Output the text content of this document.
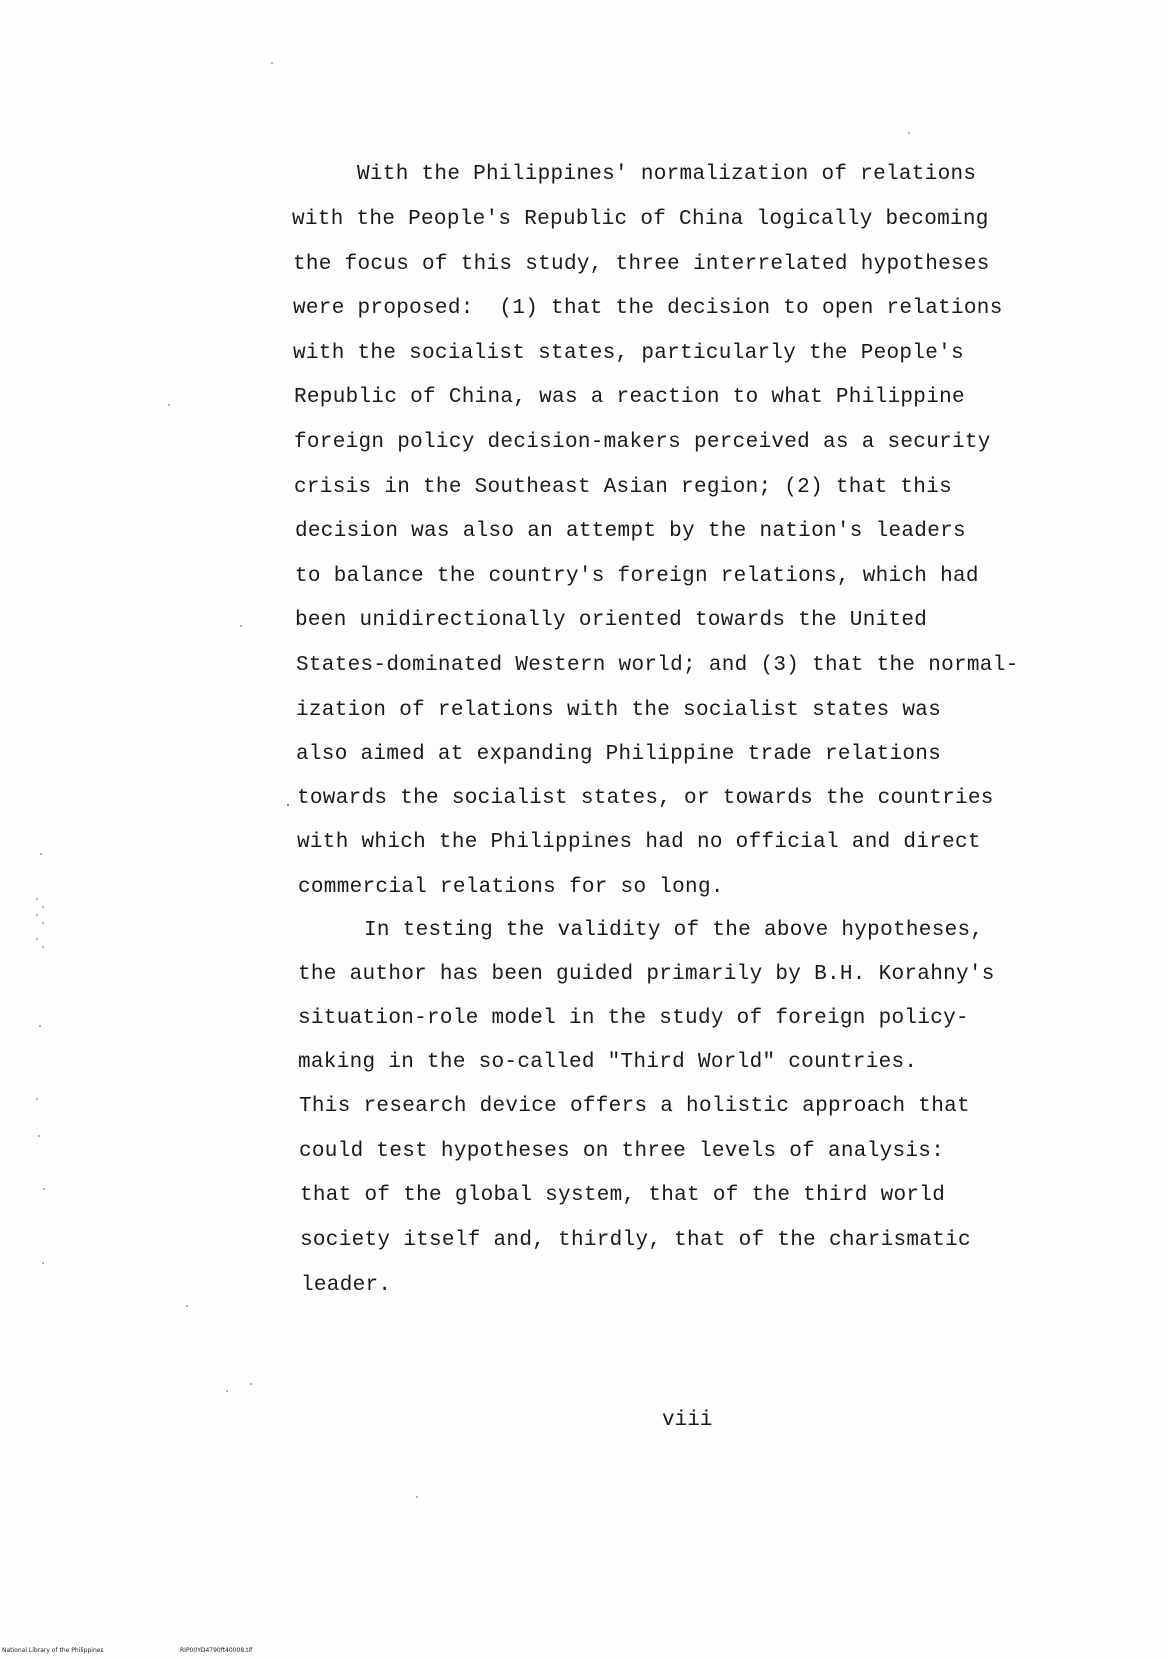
With the Philippines' normalization of relations
with the People's Republic of China logically becoming
the focus of this study, three interrelated hypotheses
were proposed:  (1) that the decision to open relations
with the socialist states, particularly the People's
Republic of China, was a reaction to what Philippine
foreign policy decision-makers perceived as a security
crisis in the Southeast Asian region; (2) that this
decision was also an attempt by the nation's leaders
to balance the country's foreign relations, which had
been unidirectionally oriented towards the United
States-dominated Western world; and (3) that the normal-
ization of relations with the socialist states was
also aimed at expanding Philippine trade relations
towards the socialist states, or towards the countries
with which the Philippines had no official and direct
commercial relations for so long.
In testing the validity of the above hypotheses,
the author has been guided primarily by B.H. Korahny's
situation-role model in the study of foreign policy-
making in the so-called "Third World" countries.
This research device offers a holistic approach that
could test hypotheses on three levels of analysis:
that of the global system, that of the third world
society itself and, thirdly, that of the charismatic
leader.
viii
National Library of the Philippines	RIP00YD4790ft40008.tif
